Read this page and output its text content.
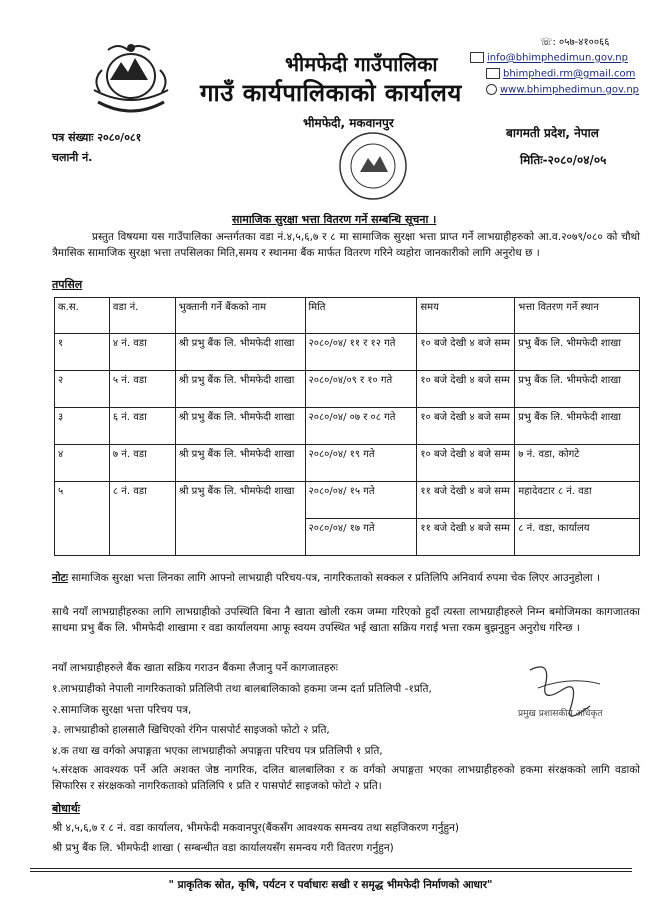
☏: ०५७-४१००६६
भीमफेदी गाउँपालिका
गाउँ कार्यपालिकाको कार्यालय
भीमफेदी, मकवानपुर
info@bhimphedimun.gov.np
bhimphedi.rm@gmail.com
www.bhimphedimun.gov.np
बागमती प्रदेश, नेपाल
मितिः-२०८०/०४/०५
पत्र संख्याः २०८०/०८१
चलानी नं.
सामाजिक सुरक्षा भत्ता वितरण गर्ने सम्बन्धि सूचना ।
प्रस्तुत विषयमा यस गाउँपालिका अन्तर्गतका वडा नं.४,५,६,७ र ८ मा सामाजिक सुरक्षा भत्ता प्राप्त गर्ने लाभग्राहीहरुको आ.व.२०७९/०८० को चौथो त्रैमासिक सामाजिक सुरक्षा भत्ता तपसिलका मिति,समय र स्थानमा बैंक मार्फत वितरण गरिने व्यहोरा जानकारीको लागि अनुरोध छ ।
तपसिल
क.स.	वडा नं.	भुक्तानी गर्ने बैंकको नाम	मिति	समय	भत्ता वितरण गर्ने स्थान
१	४ नं. वडा	श्री प्रभु बैंक लि. भीमफेदी शाखा	२०८०/०४/ ११ र १२ गते	१० बजे देखी ४ बजे सम्म	प्रभु बैंक लि. भीमफेदी शाखा
२	५ नं. वडा	श्री प्रभु बैंक लि. भीमफेदी शाखा	२०८०/०४/०९ र १० गते	१० बजे देखी ४ बजे सम्म	प्रभु बैंक लि. भीमफेदी शाखा
३	६ नं. वडा	श्री प्रभु बैंक लि. भीमफेदी शाखा	२०८०/०४/ ०७ र ०८ गते	१० बजे देखी ४ बजे सम्म	प्रभु बैंक लि. भीमफेदी शाखा
४	७ नं. वडा	श्री प्रभु बैंक लि. भीमफेदी शाखा	२०८०/०४/ १९ गते	१० बजे देखी ४ बजे सम्म	७ नं. वडा, कोगटे
५	८ नं. वडा	श्री प्रभु बैंक लि. भीमफेदी शाखा	२०८०/०४/ १५ गते	११ बजे देखी ४ बजे सम्म	महादेवटार ८ नं. वडा
			२०८०/०४/ १७ गते	११ बजे देखी ४ बजे सम्म	८ नं. वडा, कार्यालय
नोटः सामाजिक सुरक्षा भत्ता लिनका लागि आफ्नो लाभग्राही परिचय-पत्र, नागरिकताको सक्कल र प्रतिलिपि अनिवार्य रुपमा चेक लिएर आउनुहोला ।
साथै नयाँ लाभग्राहीहरुका लागि लाभग्राहीको उपस्थिति बिना नै खाता खोली रकम जम्मा गरिएको हुदाँ त्यस्ता लाभग्राहीहरुले निम्न बमोजिमका कागजातका साथमा प्रभु बैंक लि. भीमफेदी शाखामा र वडा कार्यालयमा आफू स्वयम उपस्थित भई खाता सक्रिय गराई भत्ता रकम बुझनुहुन अनुरोध गरिन्छ ।
प्रमुख प्रशासकीय अधिकृत
नयाँ लाभग्राहीहरुले बैंक खाता सक्रिय गराउन बैंकमा लैजानु पर्ने कागजातहरुः
१.लाभग्राहीको नेपाली नागरिकताको प्रतिलिपी तथा बालबालिकाको हकमा जन्म दर्ता प्रतिलिपी -१प्रति,
२.सामाजिक सुरक्षा भत्ता परिचय पत्र,
३. लाभग्राहीको हालसालै खिचिएको रंगिन पासपोर्ट साइजको फोटो २ प्रति,
४.क तथा ख वर्गको अपाङ्गता भएका लाभग्राहीको अपाङ्गता परिचय पत्र प्रतिलिपी १ प्रति,
५.संरक्षक आवश्यक पर्ने अति अशक्त जेष्ठ नागरिक, दलित बालबालिका र क वर्गको अपाङ्गता भएका लाभग्राहीहरुको हकमा संरक्षकको लागि वडाको सिफारिस र संरक्षकको नागरिकताको प्रतिलिपि १ प्रति र पासपोर्ट साइजको फोटो २ प्रति।
बोधार्थः
श्री ४,५,६,७ र ८ नं. वडा कार्यालय, भीमफेदी मकवानपुर(बैंकसँग आवश्यक समन्वय तथा सहजिकरण गर्नुहुन)
श्री प्रभु बैंक लि. भीमफेदी शाखा ( सम्बन्धीत वडा कार्यालयसँग समन्वय गरी वितरण गर्नुहुन)
" प्राकृतिक स्रोत, कृषि, पर्यटन र पर्वाधारः सखी र समृद्ध भीमफेदी निर्माणको आधार"
